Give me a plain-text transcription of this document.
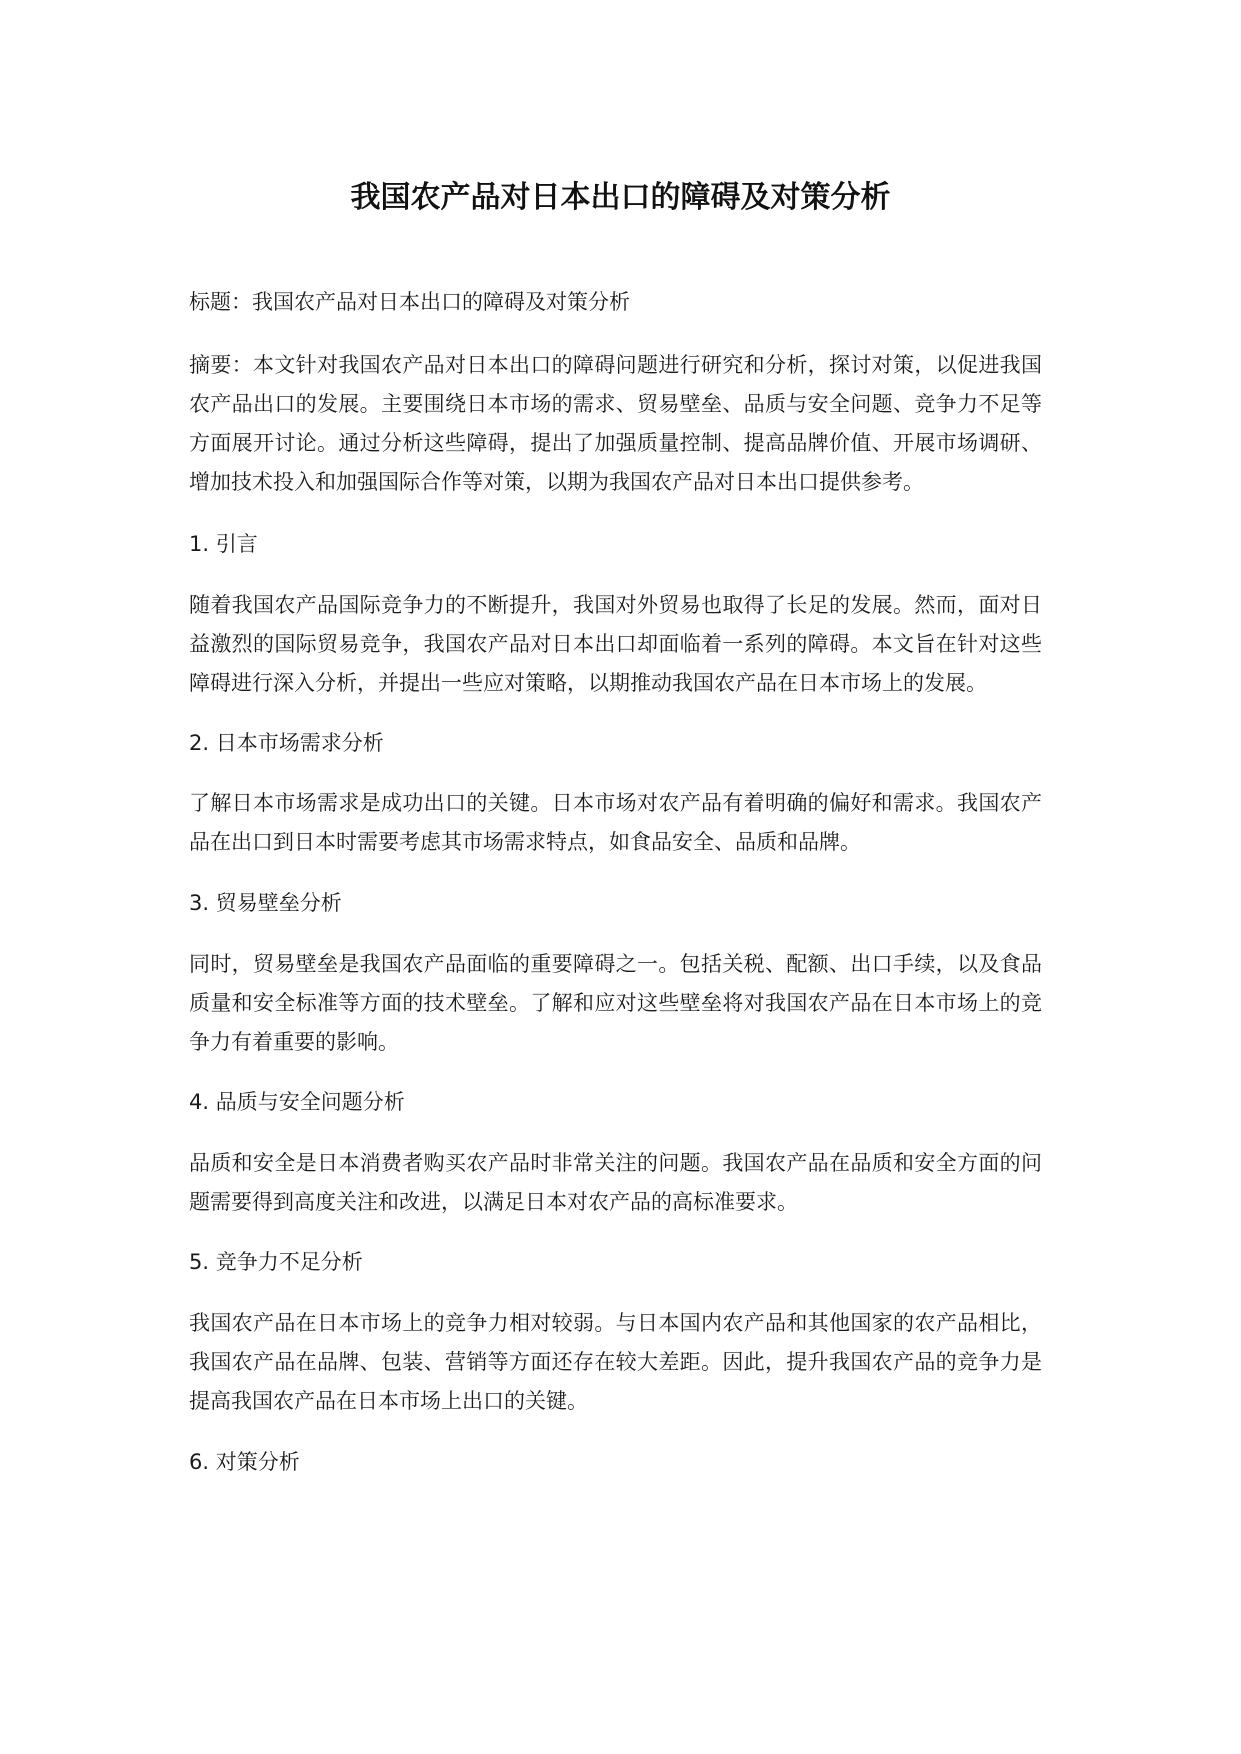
我国农产品对日本出口的障碍及对策分析

标题：我国农产品对日本出口的障碍及对策分析

摘要：本文针对我国农产品对日本出口的障碍问题进行研究和分析，探讨对策，以促进我国农产品出口的发展。主要围绕日本市场的需求、贸易壁垒、品质与安全问题、竞争力不足等方面展开讨论。通过分析这些障碍，提出了加强质量控制、提高品牌价值、开展市场调研、增加技术投入和加强国际合作等对策，以期为我国农产品对日本出口提供参考。

1. 引言

随着我国农产品国际竞争力的不断提升，我国对外贸易也取得了长足的发展。然而，面对日益激烈的国际贸易竞争，我国农产品对日本出口却面临着一系列的障碍。本文旨在针对这些障碍进行深入分析，并提出一些应对策略，以期推动我国农产品在日本市场上的发展。

2. 日本市场需求分析

了解日本市场需求是成功出口的关键。日本市场对农产品有着明确的偏好和需求。我国农产品在出口到日本时需要考虑其市场需求特点，如食品安全、品质和品牌。

3. 贸易壁垒分析

同时，贸易壁垒是我国农产品面临的重要障碍之一。包括关税、配额、出口手续，以及食品质量和安全标准等方面的技术壁垒。了解和应对这些壁垒将对我国农产品在日本市场上的竞争力有着重要的影响。

4. 品质与安全问题分析

品质和安全是日本消费者购买农产品时非常关注的问题。我国农产品在品质和安全方面的问题需要得到高度关注和改进，以满足日本对农产品的高标准要求。

5. 竞争力不足分析

我国农产品在日本市场上的竞争力相对较弱。与日本国内农产品和其他国家的农产品相比，我国农产品在品牌、包装、营销等方面还存在较大差距。因此，提升我国农产品的竞争力是提高我国农产品在日本市场上出口的关键。

6. 对策分析
